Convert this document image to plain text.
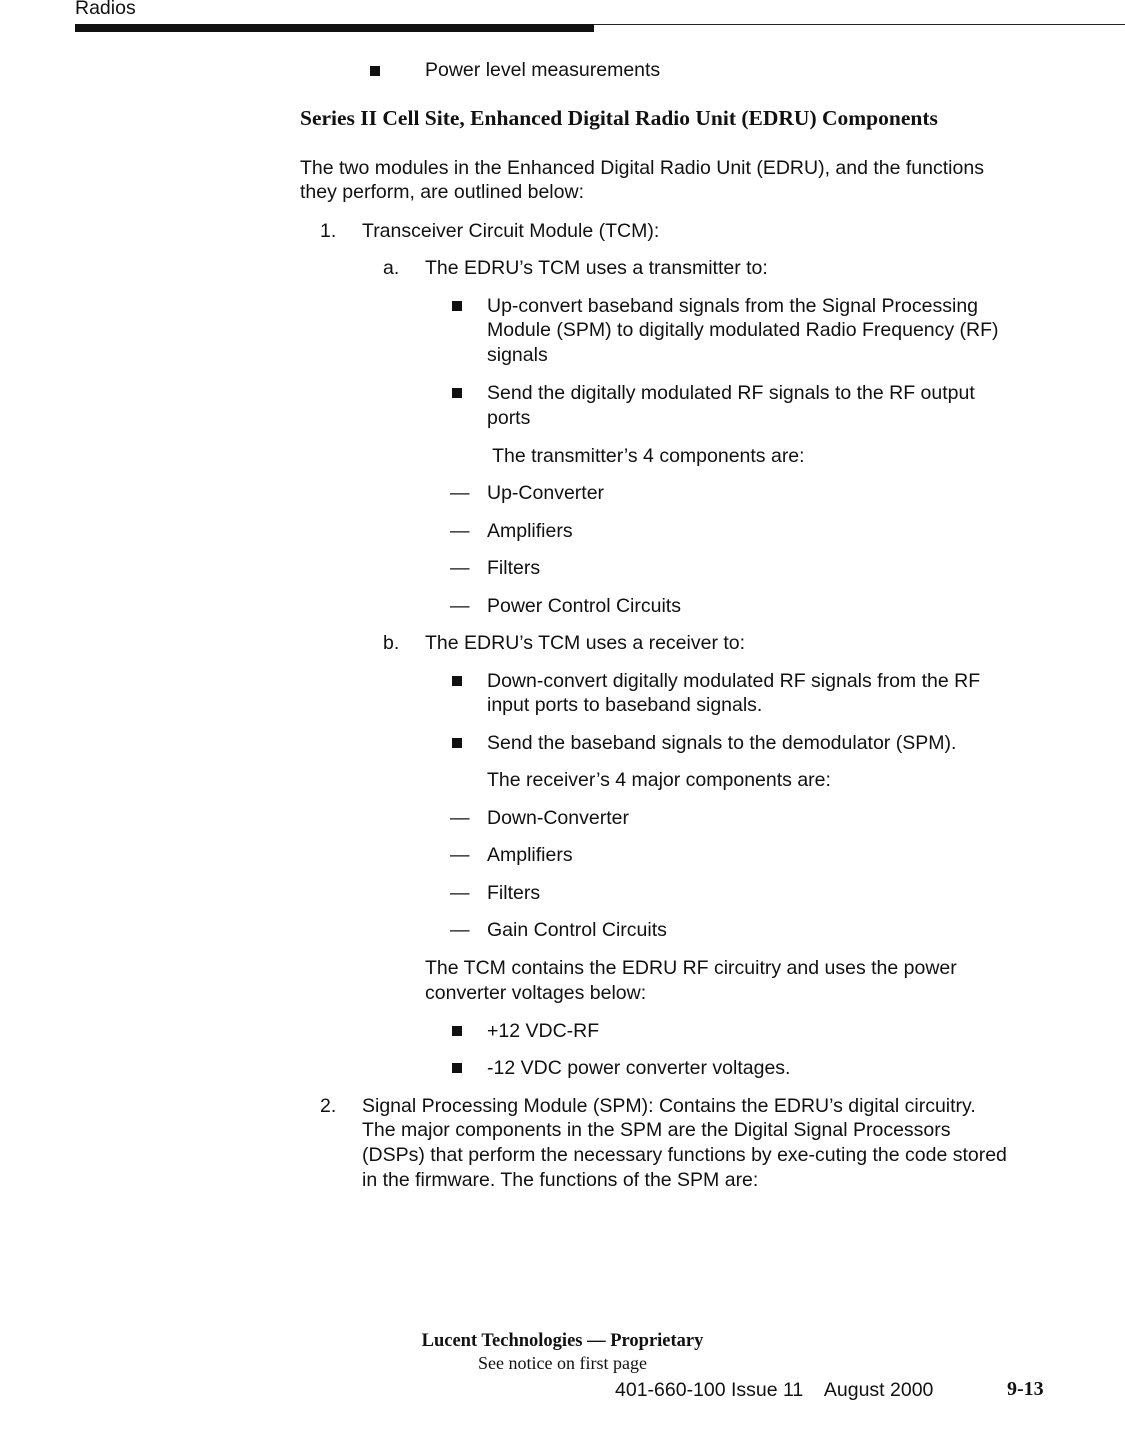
Radios
Power level measurements
Series II Cell Site, Enhanced Digital Radio Unit (EDRU) Components
The two modules in the Enhanced Digital Radio Unit (EDRU), and the functions
they perform, are outlined below:
1. Transceiver Circuit Module (TCM):
a. The EDRU’s TCM uses a transmitter to:
Up-convert baseband signals from the Signal Processing
Module (SPM) to digitally modulated Radio Frequency (RF)
signals
Send the digitally modulated RF signals to the RF output
ports
The transmitter’s 4 components are:
— Up-Converter
— Amplifiers
— Filters
— Power Control Circuits
b. The EDRU’s TCM uses a receiver to:
Down-convert digitally modulated RF signals from the RF
input ports to baseband signals.
Send the baseband signals to the demodulator (SPM).
The receiver’s 4 major components are:
— Down-Converter
— Amplifiers
— Filters
— Gain Control Circuits
The TCM contains the EDRU RF circuitry and uses the power
converter voltages below:
+12 VDC-RF
-12 VDC power converter voltages.
2. Signal Processing Module (SPM): Contains the EDRU’s digital circuitry.
The major components in the SPM are the Digital Signal Processors
(DSPs) that perform the necessary functions by exe-cuting the code stored
in the firmware. The functions of the SPM are:
Lucent Technologies — Proprietary
See notice on first page
401-660-100 Issue 11    August 2000	9-13
